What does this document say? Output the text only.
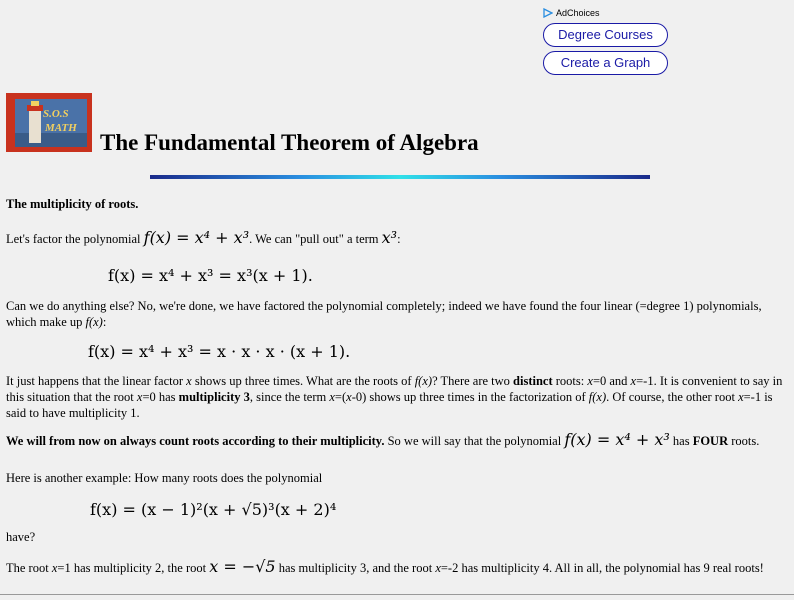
AdChoices
Degree Courses
Create a Graph
S.O.S
MATH
The Fundamental Theorem of Algebra

The multiplicity of roots.

Let's factor the polynomial f(x) = x⁴ + x³. We can "pull out" a term x³:

f(x) = x⁴ + x³ = x³(x + 1).

Can we do anything else? No, we're done, we have factored the polynomial completely; indeed we have found the four linear (=degree 1) polynomials, which make up f(x):

f(x) = x⁴ + x³ = x · x · x · (x + 1).

It just happens that the linear factor x shows up three times. What are the roots of f(x)? There are two distinct roots: x=0 and x=-1. It is convenient to say in this situation that the root x=0 has multiplicity 3, since the term x=(x-0) shows up three times in the factorization of f(x). Of course, the other root x=-1 is said to have multiplicity 1.

We will from now on always count roots according to their multiplicity. So we will say that the polynomial f(x) = x⁴ + x³ has FOUR roots.

Here is another example: How many roots does the polynomial

f(x) = (x − 1)²(x + √5)³(x + 2)⁴

have?

The root x=1 has multiplicity 2, the root x = −√5 has multiplicity 3, and the root x=-2 has multiplicity 4. All in all, the polynomial has 9 real roots!
